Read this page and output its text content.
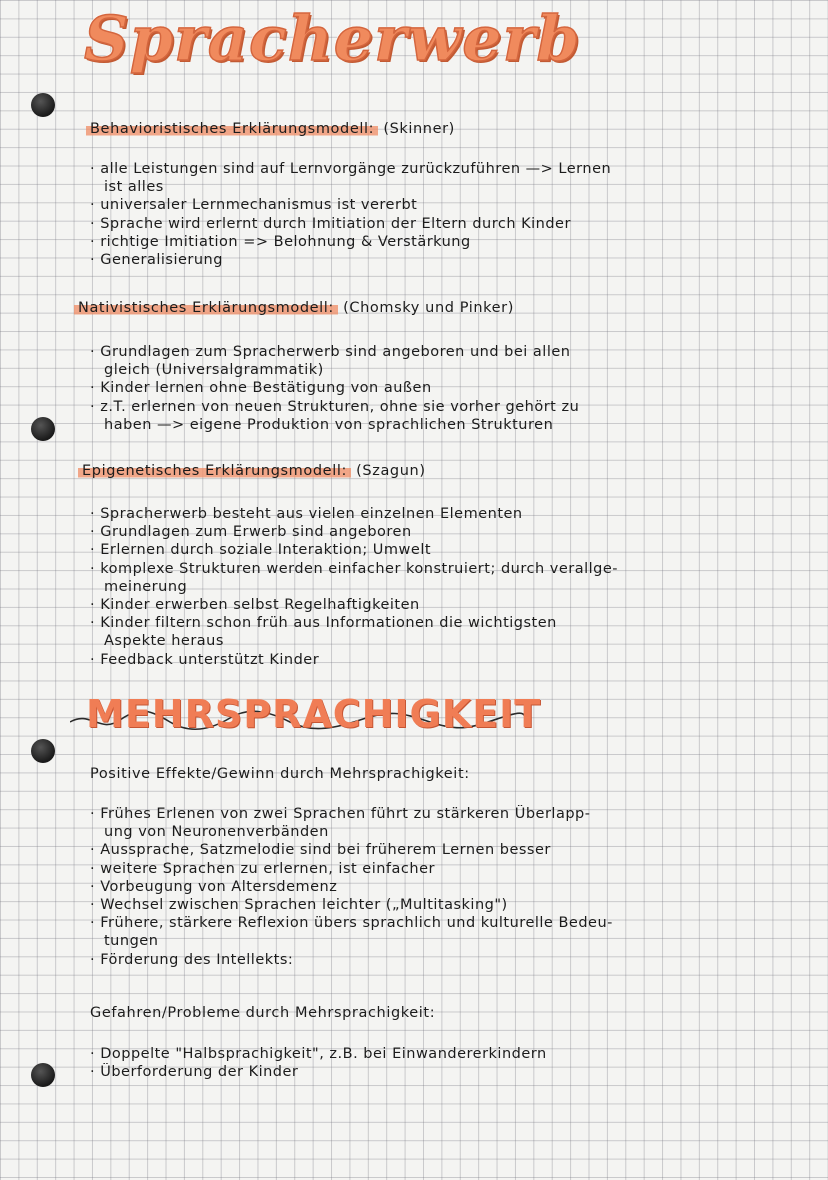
Spracherwerb
Behavioristisches Erklärungsmodell: (Skinner)
· alle Leistungen sind auf Lernvorgänge zurückzuführen —> Lernen
ist alles
· universaler Lernmechanismus ist vererbt
· Sprache wird erlernt durch Imitiation der Eltern durch Kinder
· richtige Imitiation => Belohnung & Verstärkung
· Generalisierung
Nativistisches Erklärungsmodell: (Chomsky und Pinker)
· Grundlagen zum Spracherwerb sind angeboren und bei allen
gleich (Universalgrammatik)
· Kinder lernen ohne Bestätigung von außen
· z.T. erlernen von neuen Strukturen, ohne sie vorher gehört zu
haben —> eigene Produktion von sprachlichen Strukturen
Epigenetisches Erklärungsmodell: (Szagun)
· Spracherwerb besteht aus vielen einzelnen Elementen
· Grundlagen zum Erwerb sind angeboren
· Erlernen durch soziale Interaktion; Umwelt
· komplexe Strukturen werden einfacher konstruiert; durch verallge-
meinerung
· Kinder erwerben selbst Regelhaftigkeiten
· Kinder filtern schon früh aus Informationen die wichtigsten
Aspekte heraus
· Feedback unterstützt Kinder
MEHRSPRACHIGKEIT
Positive Effekte/Gewinn durch Mehrsprachigkeit:
· Frühes Erlenen von zwei Sprachen führt zu stärkeren Überlapp-
ung von Neuronenverbänden
· Aussprache, Satzmelodie sind bei früherem Lernen besser
· weitere Sprachen zu erlernen, ist einfacher
· Vorbeugung von Altersdemenz
· Wechsel zwischen Sprachen leichter („Multitasking")
· Frühere, stärkere Reflexion übers sprachlich und kulturelle Bedeu-
tungen
· Förderung des Intellekts:
Gefahren/Probleme durch Mehrsprachigkeit:
· Doppelte "Halbsprachigkeit", z.B. bei Einwandererkindern
· Überforderung der Kinder
